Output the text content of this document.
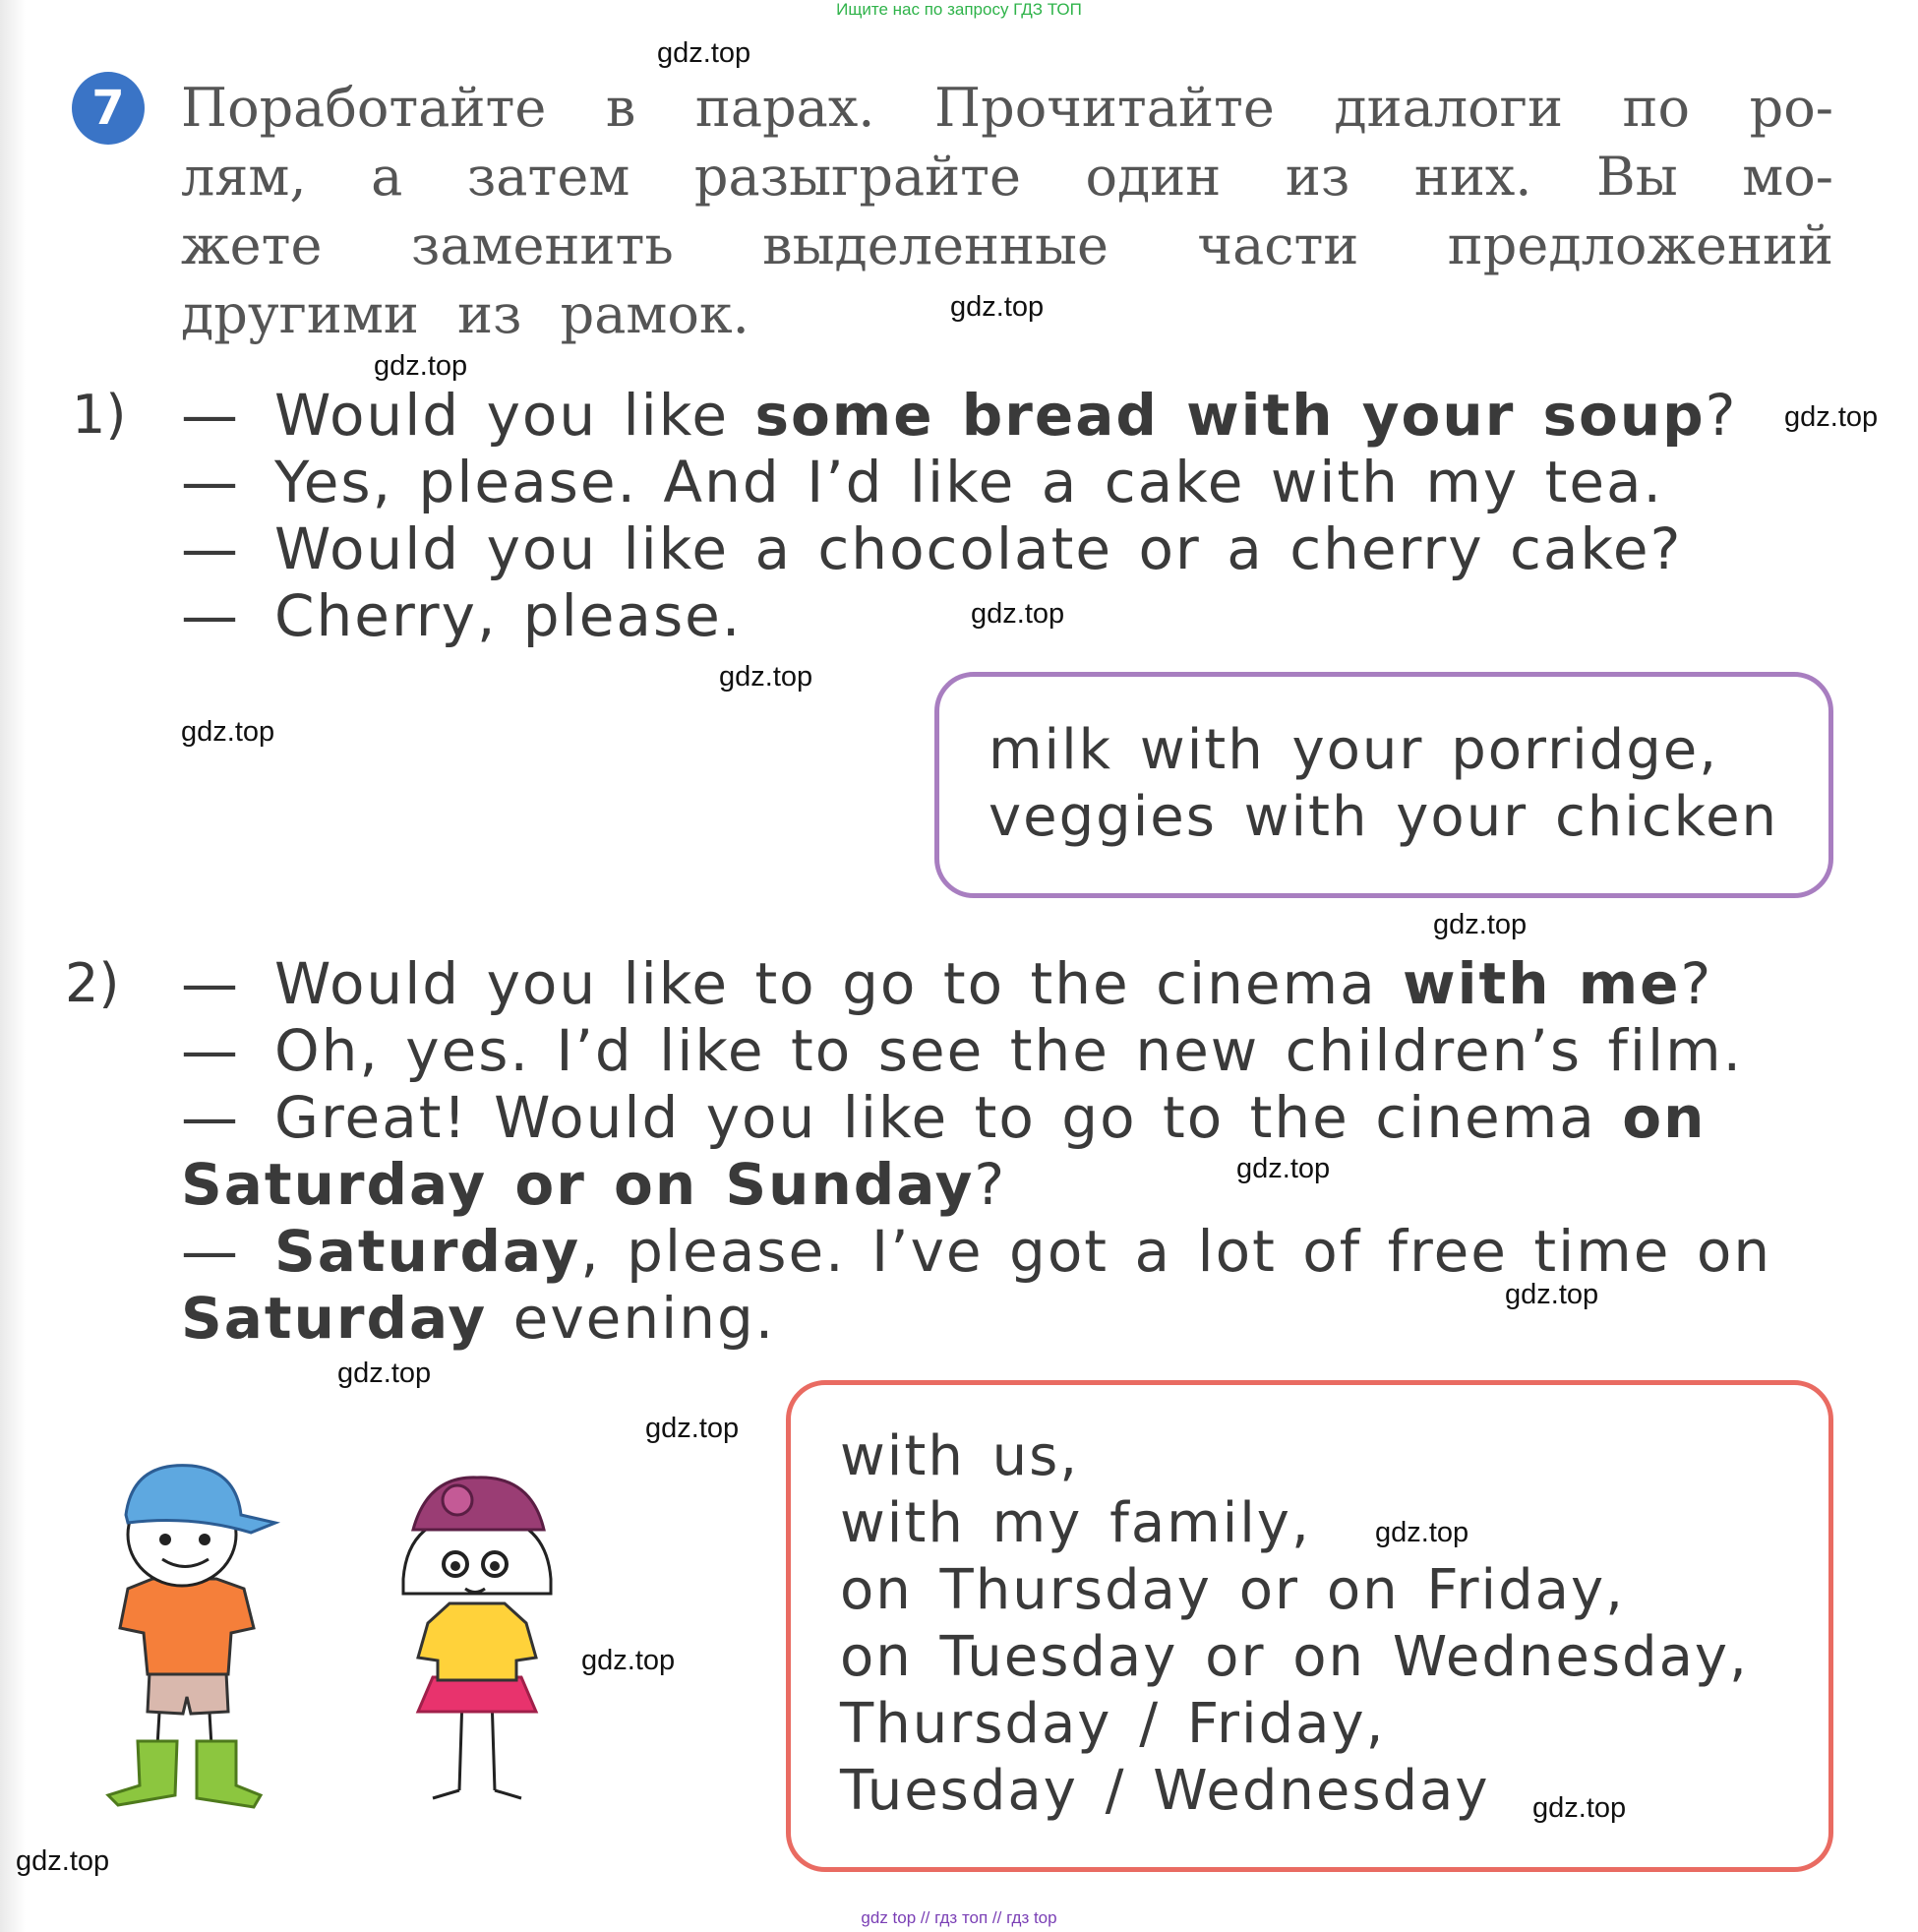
Ищите нас по запросу ГДЗ ТОП
7	Поработайте в парах. Прочитайте диалоги по ро-
лям, а затем разыграйте один из них. Вы мо-
жете заменить выделенные части предложений
другими из рамок.
1) — Would you like some bread with your soup?
— Yes, please. And I’d like a cake with my tea.
— Would you like a chocolate or a cherry cake?
— Cherry, please.
milk with your porridge,
veggies with your chicken
2) — Would you like to go to the cinema with me?
— Oh, yes. I’d like to see the new children’s film.
— Great! Would you like to go to the cinema on
Saturday or on Sunday?
— Saturday, please. I’ve got a lot of free time on
Saturday evening.
with us,
with my family,
on Thursday or on Friday,
on Tuesday or on Wednesday,
Thursday / Friday,
Tuesday / Wednesday
gdz.top
gdz.top
gdz.top
gdz.top
gdz.top
gdz.top
gdz.top
gdz.top
gdz.top
gdz.top
gdz.top
gdz.top
gdz.top
gdz.top
gdz.top
gdz.top
gdz top // гдз топ // гдз top
